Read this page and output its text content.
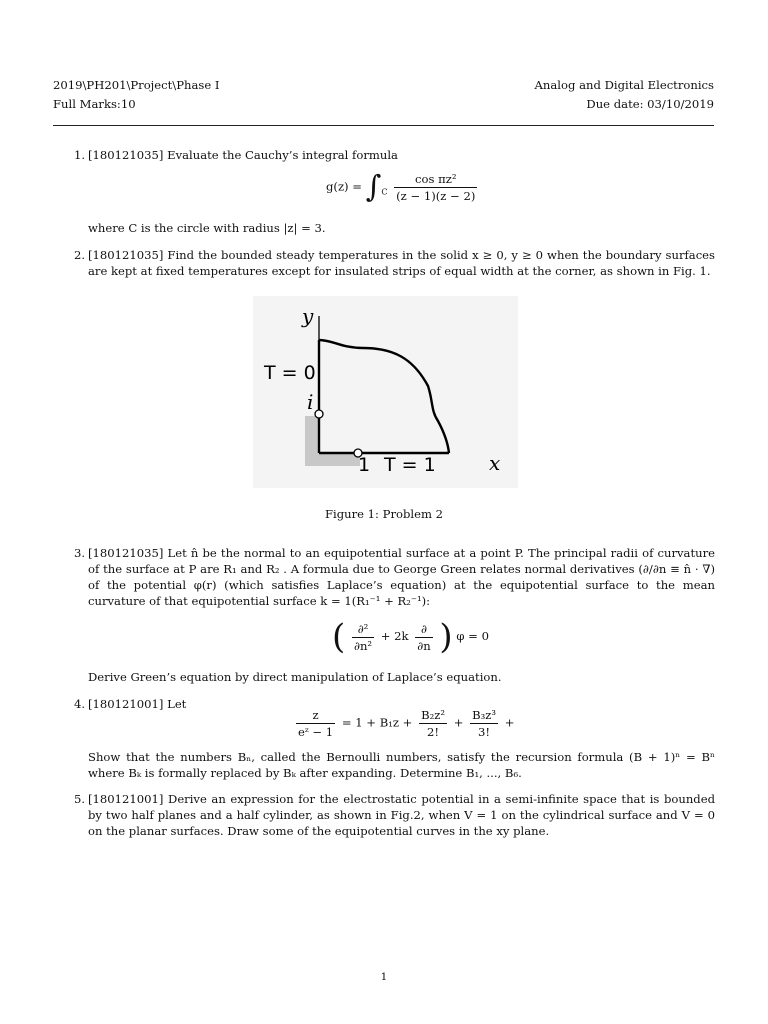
2019\PH201\Project\Phase I
Full Marks:10
Analog and Digital Electronics
Due date: 03/10/2019
1. [180121035] Evaluate the Cauchy’s integral formula
$g(z) = \int_C \frac{\text{cos πz²}}{(z - 1)(z - 2)}$
where C is the circle with radius |z| = 3.
2. [180121035] Find the bounded steady temperatures in the solid x ≥ 0, y ≥ 0 when the boundary surfaces are kept at fixed temperatures except for insulated strips of equal width at the corner, as shown in Fig. 1.
y
x
T = 0
i
1 T = 1
Figure 1: Problem 2
3. [180121035] Let n̂ be the normal to an equipotential surface at a point P. The principal radii of curvature of the surface at P are R₁ and R₂ . A formula due to George Green relates normal derivatives (∂/∂n ≡ n̂ · ∇) of the potential φ(r) (which satisfies Laplace’s equation) at the equipotential surface to the mean curvature of that equipotential surface k = 1(R₁⁻¹ + R₂⁻¹):
( $\frac{\text{∂²}}{\text{∂n²}} + 2k \frac{\partial}{\partial n}$ ) φ = 0
Derive Green’s equation by direct manipulation of Laplace’s equation.
4. [180121001] Let
$\frac{z}{\text{eᶻ − 1}} = 1 + B_1z + \frac{\text{B₂z²}}{2!} + \frac{\text{B₃z³}}{3!}$ +
Show that the numbers Bₙ, called the Bernoulli numbers, satisfy the recursion formula (B + 1)ⁿ = Bⁿ where Bₖ is formally replaced by Bₖ after expanding. Determine B₁, ..., B₆.
5. [180121001] Derive an expression for the electrostatic potential in a semi-infinite space that is bounded by two half planes and a half cylinder, as shown in Fig.2, when V = 1 on the cylindrical surface and V = 0 on the planar surfaces. Draw some of the equipotential curves in the xy plane.
1
